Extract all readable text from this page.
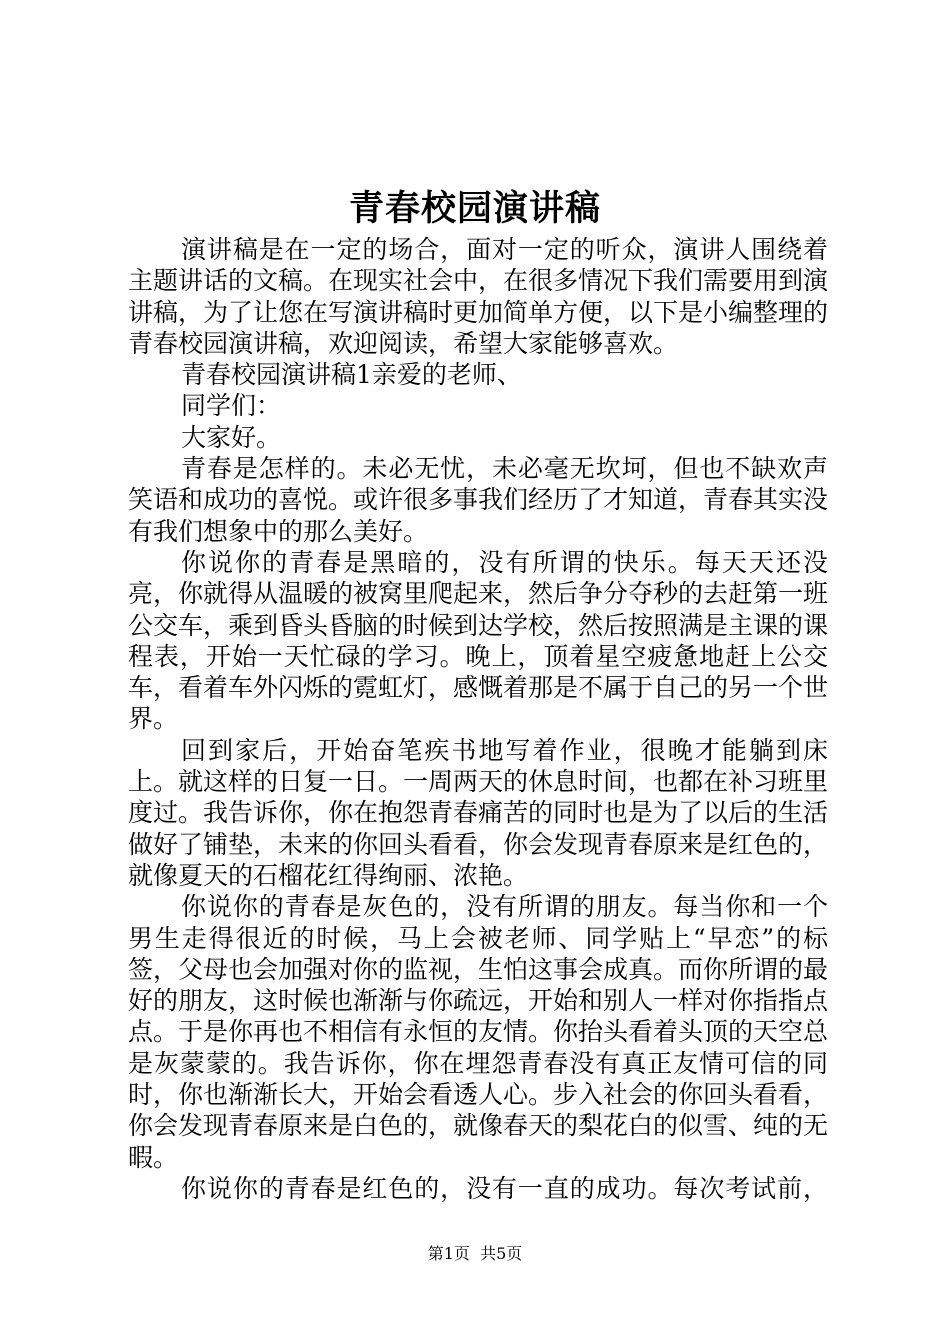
青春校园演讲稿

演讲稿是在一定的场合，面对一定的听众，演讲人围绕着主题讲话的文稿。在现实社会中，在很多情况下我们需要用到演讲稿，为了让您在写演讲稿时更加简单方便，以下是小编整理的青春校园演讲稿，欢迎阅读，希望大家能够喜欢。

青春校园演讲稿1亲爱的老师、

同学们：

大家好。

青春是怎样的。未必无忧，未必毫无坎坷，但也不缺欢声笑语和成功的喜悦。或许很多事我们经历了才知道，青春其实没有我们想象中的那么美好。

你说你的青春是黑暗的，没有所谓的快乐。每天天还没亮，你就得从温暖的被窝里爬起来，然后争分夺秒的去赶第一班公交车，乘到昏头昏脑的时候到达学校，然后按照满是主课的课程表，开始一天忙碌的学习。晚上，顶着星空疲惫地赶上公交车，看着车外闪烁的霓虹灯，感慨着那是不属于自己的另一个世界。

回到家后，开始奋笔疾书地写着作业，很晚才能躺到床上。就这样的日复一日。一周两天的休息时间，也都在补习班里度过。我告诉你，你在抱怨青春痛苦的同时也是为了以后的生活做好了铺垫，未来的你回头看看，你会发现青春原来是红色的，就像夏天的石榴花红得绚丽、浓艳。

你说你的青春是灰色的，没有所谓的朋友。每当你和一个男生走得很近的时候，马上会被老师、同学贴上“早恋”的标签，父母也会加强对你的监视，生怕这事会成真。而你所谓的最好的朋友，这时候也渐渐与你疏远，开始和别人一样对你指指点点。于是你再也不相信有永恒的友情。你抬头看着头顶的天空总是灰蒙蒙的。我告诉你，你在埋怨青春没有真正友情可信的同时，你也渐渐长大，开始会看透人心。步入社会的你回头看看，你会发现青春原来是白色的，就像春天的梨花白的似雪、纯的无暇。

你说你的青春是红色的，没有一直的成功。每次考试前，

第1页 共5页
